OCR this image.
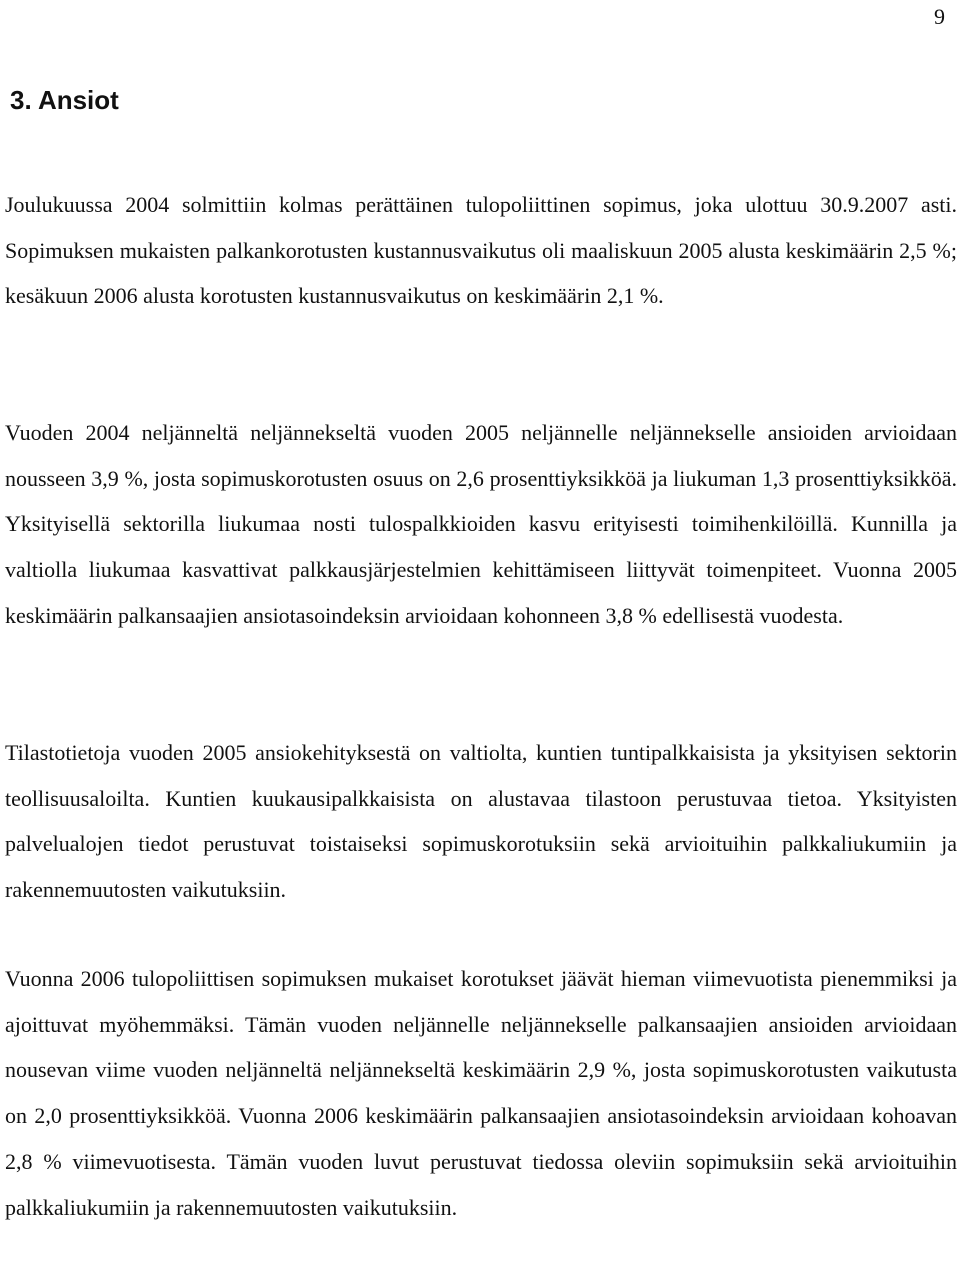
9
3. Ansiot

Joulukuussa 2004 solmittiin kolmas perättäinen tulopoliittinen sopimus, joka ulottuu 30.9.2007 asti. Sopimuksen mukaisten palkankorotusten kustannusvaikutus oli maaliskuun 2005 alusta keskimäärin 2,5 %; kesäkuun 2006 alusta korotusten kustannusvaikutus on keskimäärin 2,1 %.

Vuoden 2004 neljänneltä neljännekseltä vuoden 2005 neljännelle neljännekselle ansioiden arvioidaan nousseen 3,9 %, josta sopimuskorotusten osuus on 2,6 prosenttiyksikköä ja liukuman 1,3 prosenttiyksikköä. Yksityisellä sektorilla liukumaa nosti tulospalkkioiden kasvu erityisesti toimihenkilöillä. Kunnilla ja valtiolla liukumaa kasvattivat palkkausjärjestelmien kehittämiseen liittyvät toimenpiteet. Vuonna 2005 keskimäärin palkansaajien ansiotasoindeksin arvioidaan kohonneen 3,8 % edellisestä vuodesta.

Tilastotietoja vuoden 2005 ansiokehityksestä on valtiolta, kuntien tuntipalkkaisista ja yksityisen sektorin teollisuusaloilta. Kuntien kuukausipalkkaisista on alustavaa tilastoon perustuvaa tietoa. Yksityisten palvelualojen tiedot perustuvat toistaiseksi sopimuskorotuksiin sekä arvioituihin palkkaliukumiin ja rakennemuutosten vaikutuksiin.

Vuonna 2006 tulopoliittisen sopimuksen mukaiset korotukset jäävät hieman viimevuotista pienemmiksi ja ajoittuvat myöhemmäksi. Tämän vuoden neljännelle neljännekselle palkansaajien ansioiden arvioidaan nousevan viime vuoden neljänneltä neljännekseltä keskimäärin 2,9 %, josta sopimuskorotusten vaikutusta on 2,0 prosenttiyksikköä. Vuonna 2006 keskimäärin palkansaajien ansiotasoindeksin arvioidaan kohoavan 2,8 % viimevuotisesta. Tämän vuoden luvut perustuvat tiedossa oleviin sopimuksiin sekä arvioituihin palkkaliukumiin ja rakennemuutosten vaikutuksiin.
